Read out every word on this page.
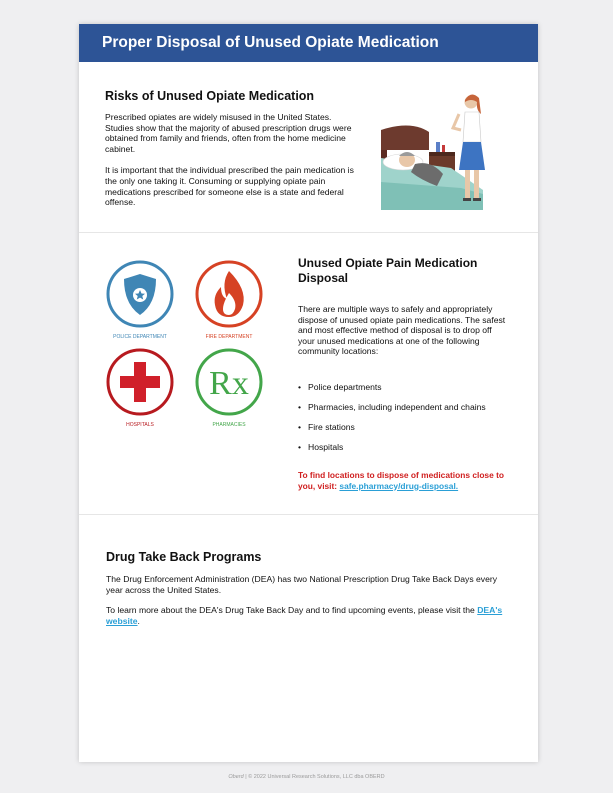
Proper Disposal of Unused Opiate Medication
Risks of Unused Opiate Medication

Prescribed opiates are widely misused in the United States. Studies show that the majority of abused prescription drugs were obtained from family and friends, often from the home medicine cabinet.

It is important that the individual prescribed the pain medication is the only one taking it. Consuming or supplying opiate pain medications prescribed for someone else is a state and federal offense.

POLICE DEPARTMENT	FIRE DEPARTMENT
HOSPITALS
Rx
PHARMACIES
Unused Opiate Pain Medication Disposal

There are multiple ways to safely and appropriately dispose of unused opiate pain medications. The safest and most effective method of disposal is to drop off your unused medications at one of the following community locations:

• Police departments
• Pharmacies, including independent and chains
• Fire stations
• Hospitals
To find locations to dispose of medications close to you, visit: safe.pharmacy/drug-disposal.
Drug Take Back Programs

The Drug Enforcement Administration (DEA) has two National Prescription Drug Take Back Days every year across the United States.

To learn more about the DEA's Drug Take Back Day and to find upcoming events, please visit the DEA's website.

Oberd | © 2022 Universal Research Solutions, LLC dba OBERD
